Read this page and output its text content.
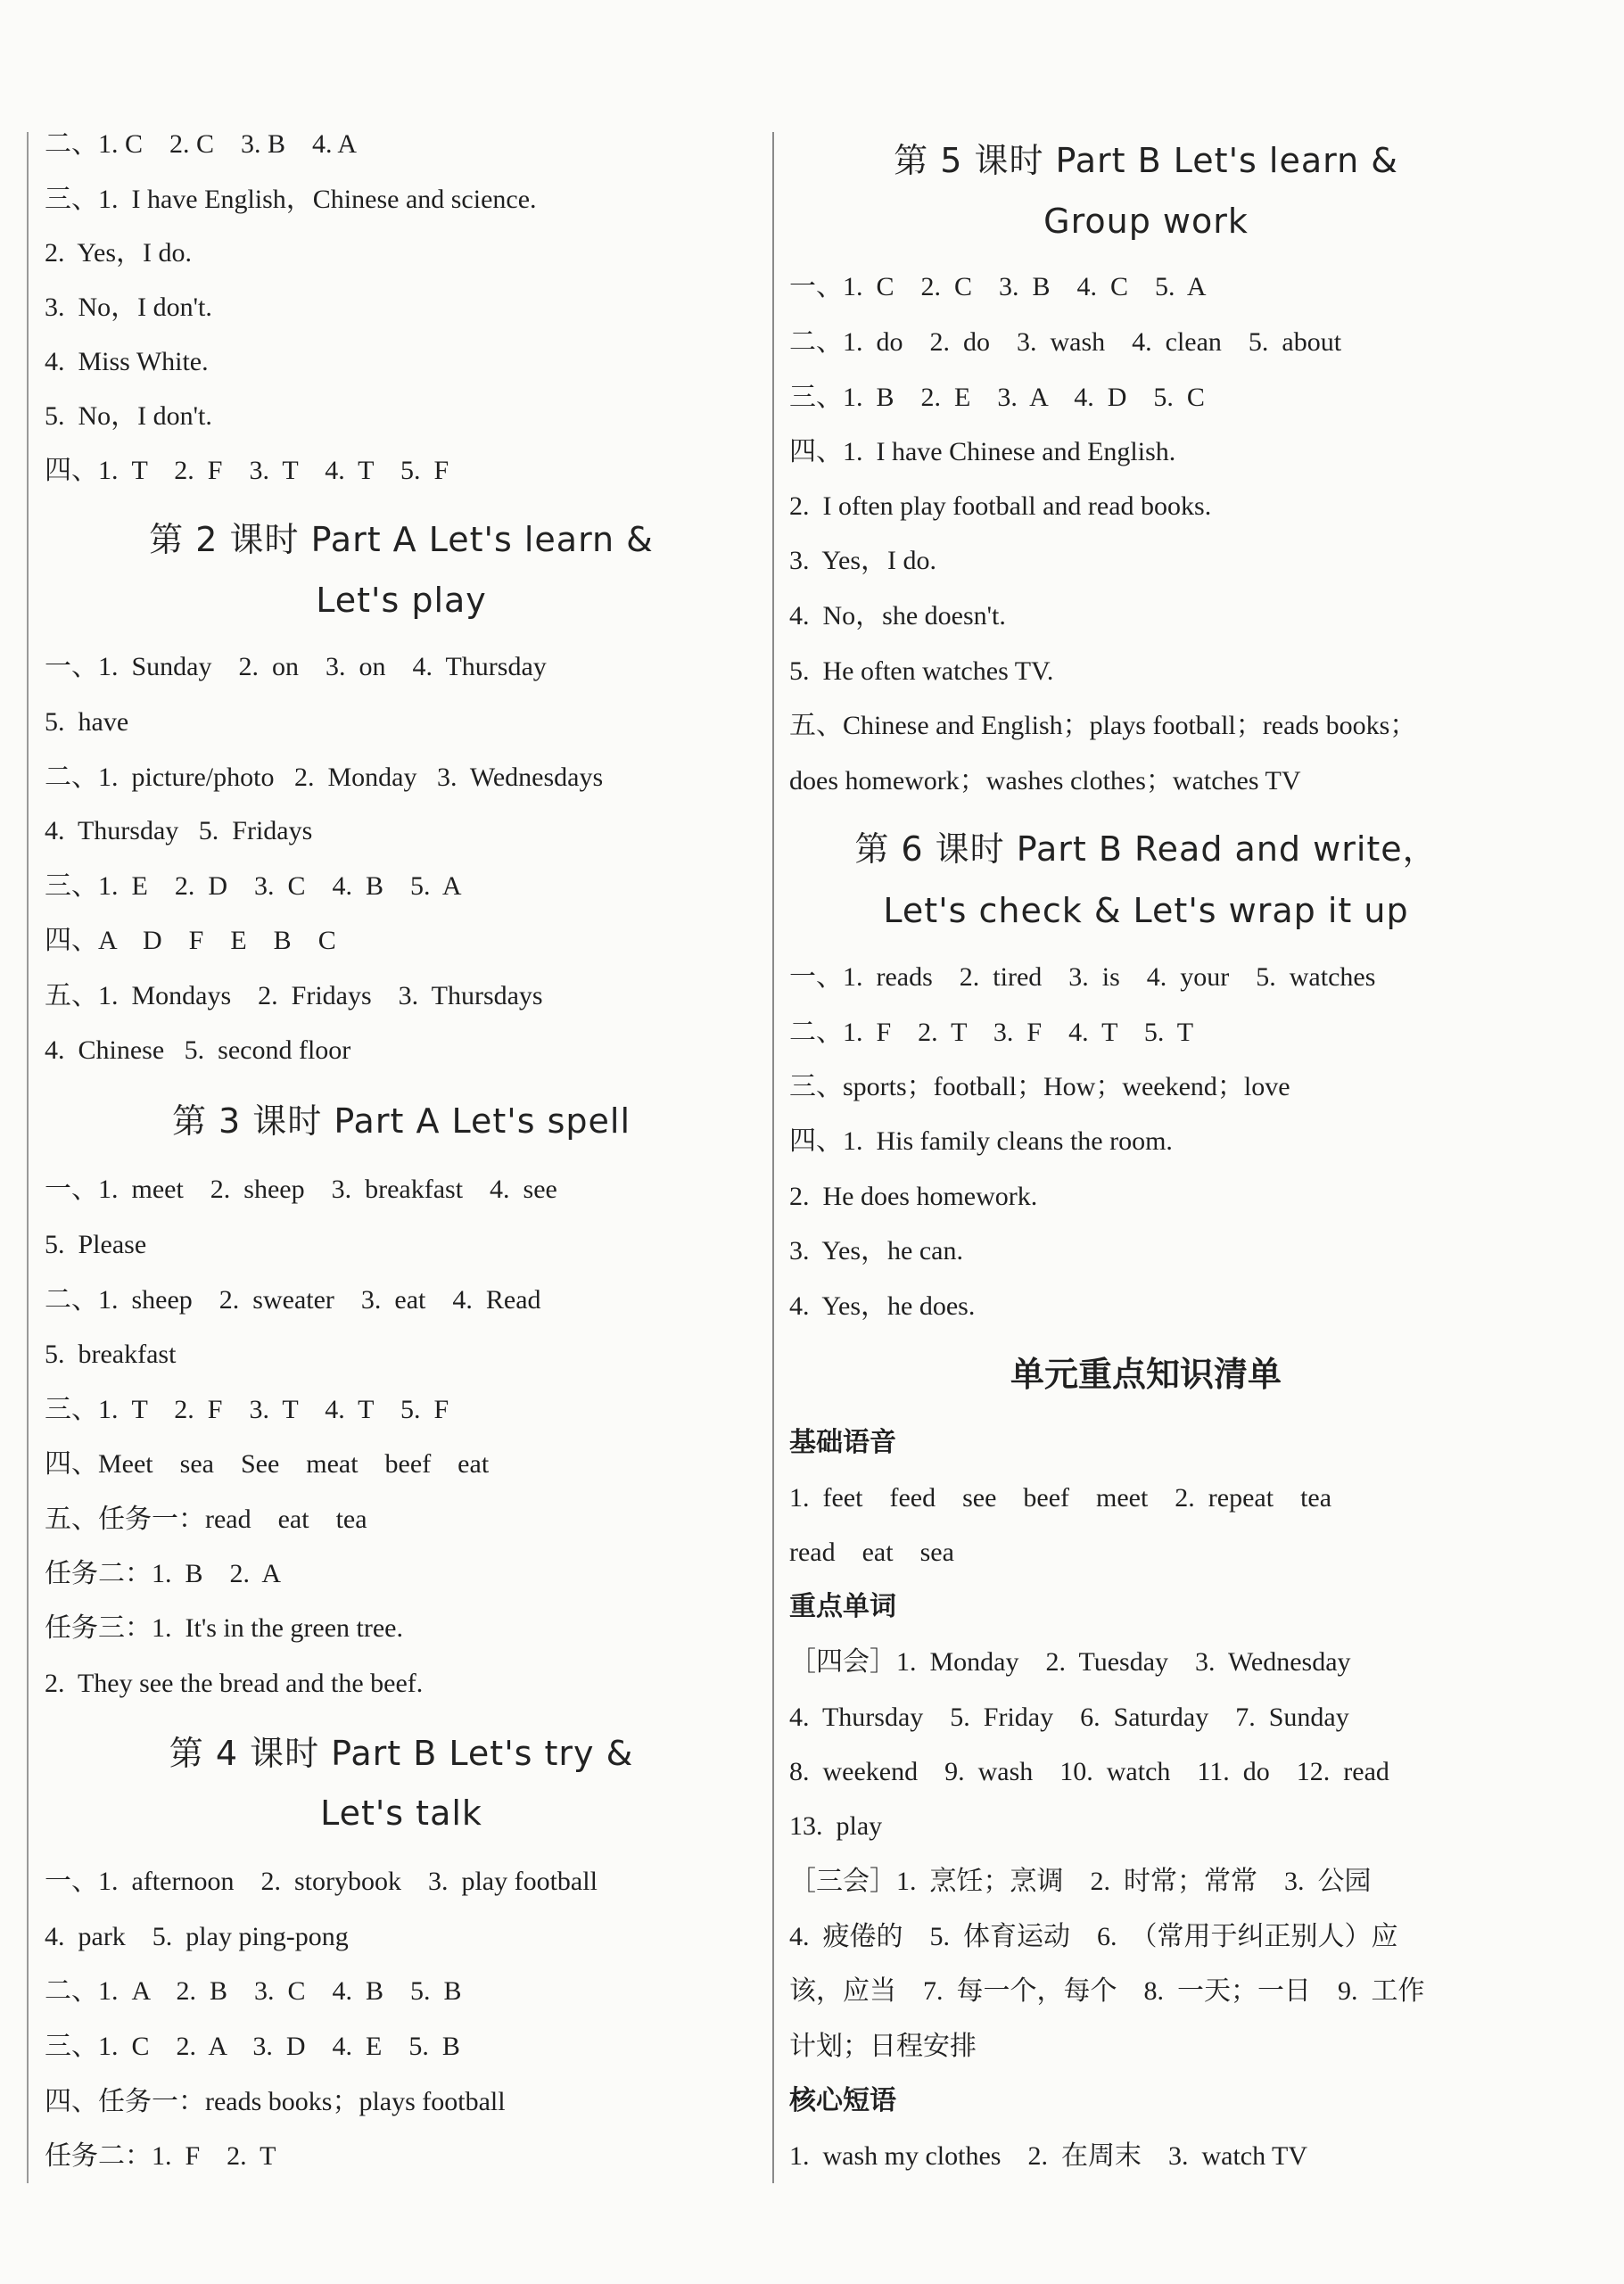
二、1. C    2. C    3. B    4. A
三、1.  I have English，Chinese and science.
2.  Yes，I do.
3.  No，I don't.
4.  Miss White.
5.  No，I don't.
四、1.  T    2.  F    3.  T    4.  T    5.  F
第 2 课时 Part A Let's learn &
Let's play
一、1.  Sunday    2.  on    3.  on    4.  Thursday
5.  have
二、1.  picture/photo   2.  Monday   3.  Wednesdays
4.  Thursday   5.  Fridays
三、1.  E    2.  D    3.  C    4.  B    5.  A
四、A    D    F    E    B    C
五、1.  Mondays    2.  Fridays    3.  Thursdays
4.  Chinese   5.  second floor
第 3 课时 Part A Let's spell
一、1.  meet    2.  sheep    3.  breakfast    4.  see
5.  Please
二、1.  sheep    2.  sweater    3.  eat    4.  Read
5.  breakfast
三、1.  T    2.  F    3.  T    4.  T    5.  F
四、Meet    sea    See    meat    beef    eat
五、任务一：read    eat    tea
任务二：1.  B    2.  A
任务三：1.  It's in the green tree.
2.  They see the bread and the beef.
第 4 课时 Part B Let's try &
Let's talk
一、1.  afternoon    2.  storybook    3.  play football
4.  park    5.  play ping-pong
二、1.  A    2.  B    3.  C    4.  B    5.  B
三、1.  C    2.  A    3.  D    4.  E    5.  B
四、任务一：reads books；plays football
任务二：1.  F    2.  T
第 5 课时 Part B Let's learn &
Group work
一、1.  C    2.  C    3.  B    4.  C    5.  A
二、1.  do    2.  do    3.  wash    4.  clean    5.  about
三、1.  B    2.  E    3.  A    4.  D    5.  C
四、1.  I have Chinese and English.
2.  I often play football and read books.
3.  Yes，I do.
4.  No，she doesn't.
5.  He often watches TV.
五、Chinese and English；plays football；reads books；
does homework；washes clothes；watches TV
第 6 课时 Part B Read and write，
Let's check & Let's wrap it up
一、1.  reads    2.  tired    3.  is    4.  your    5.  watches
二、1.  F    2.  T    3.  F    4.  T    5.  T
三、sports；football；How；weekend；love
四、1.  His family cleans the room.
2.  He does homework.
3.  Yes，he can.
4.  Yes，he does.
单元重点知识清单
基础语音
1.  feet    feed    see    beef    meet    2.  repeat    tea
read    eat    sea
重点单词
［四会］1.  Monday    2.  Tuesday    3.  Wednesday
4.  Thursday    5.  Friday    6.  Saturday    7.  Sunday
8.  weekend    9.  wash    10.  watch    11.  do    12.  read
13.  play
［三会］1.  烹饪；烹调    2.  时常；常常    3.  公园
4.  疲倦的    5.  体育运动    6.  （常用于纠正别人）应
该，应当    7.  每一个，每个    8.  一天；一日    9.  工作
计划；日程安排
核心短语
1.  wash my clothes    2.  在周末    3.  watch TV
